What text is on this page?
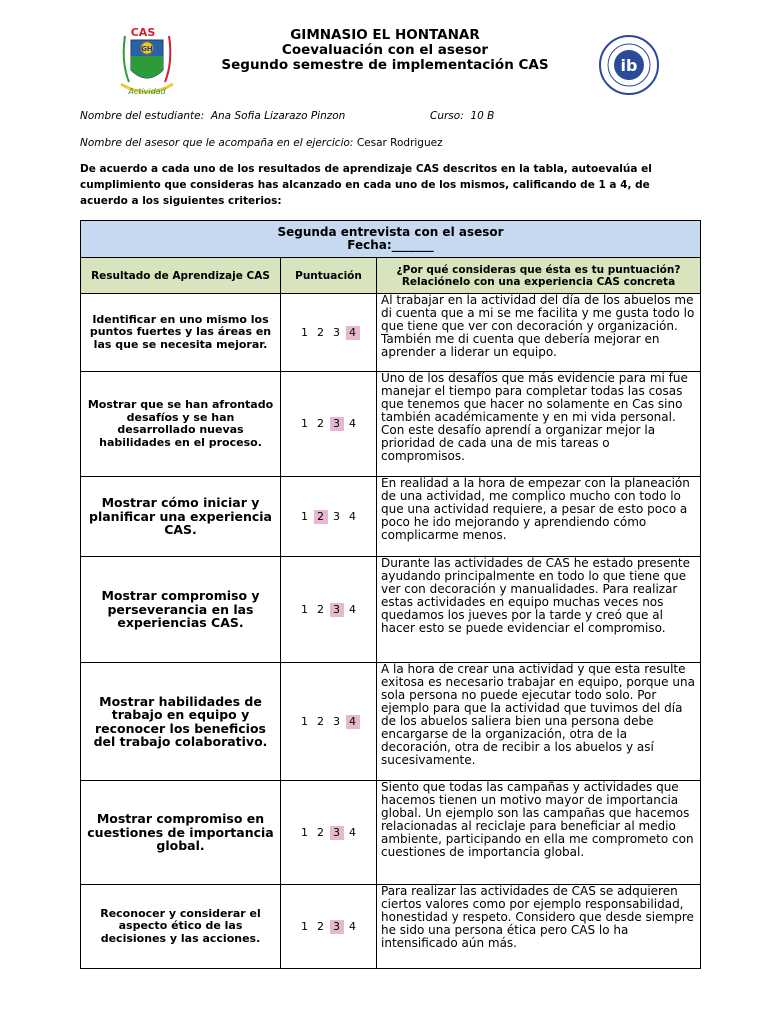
CAS
GH
Actividad
GIMNASIO EL HONTANAR
Coevaluación con el asesor
Segundo semestre de implementación CAS	ib
Nombre del estudiante: Ana Sofia Lizarazo Pinzon	Curso: 10 B
Nombre del asesor que le acompaña en el ejercicio: Cesar Rodriguez
De acuerdo a cada uno de los resultados de aprendizaje CAS descritos en la tabla, autoevalúa el cumplimiento que consideras has alcanzado en cada uno de los mismos, calificando de 1 a 4, de acuerdo a los siguientes criterios:
Segunda entrevista con el asesor
Fecha:_______		

Resultado de Aprendizaje CAS	Puntuación	¿Por qué consideras que ésta es tu puntuación? Relaciónelo con una experiencia CAS concreta
Identificar en uno mismo los puntos fuertes y las áreas en las que se necesita mejorar.	1 2 3 4	Al trabajar en la actividad del día de los abuelos me di cuenta que a mi se me facilita y me gusta todo lo que tiene que ver con decoración y organización. También me di cuenta que debería mejorar en aprender a liderar un equipo.
Mostrar que se han afrontado desafíos y se han desarrollado nuevas habilidades en el proceso.	1 2 3 4	Uno de los desafíos que más evidencie para mi fue manejar el tiempo para completar todas las cosas que tenemos que hacer no solamente en Cas sino también académicamente y en mi vida personal. Con este desafío aprendí a organizar mejor la prioridad de cada una de mis tareas o compromisos.
Mostrar cómo iniciar y planificar una experiencia CAS.	1 2 3 4	En realidad a la hora de empezar con la planeación de una actividad, me complico mucho con todo lo que una actividad requiere, a pesar de esto poco a poco he ido mejorando y aprendiendo cómo complicarme menos.
Mostrar compromiso y perseverancia en las experiencias CAS.	1 2 3 4	Durante las actividades de CAS he estado presente ayudando principalmente en todo lo que tiene que ver con decoración y manualidades. Para realizar estas actividades en equipo muchas veces nos quedamos los jueves por la tarde y creó que al hacer esto se puede evidenciar el compromiso.
Mostrar habilidades de trabajo en equipo y reconocer los beneficios del trabajo colaborativo.	1 2 3 4	A la hora de crear una actividad y que esta resulte exitosa es necesario trabajar en equipo, porque una sola persona no puede ejecutar todo solo. Por ejemplo para que la actividad que tuvimos del día de los abuelos saliera bien una persona debe encargarse de la organización, otra de la decoración, otra de recibir a los abuelos y así sucesivamente.
Mostrar compromiso en cuestiones de importancia global.	1 2 3 4	Siento que todas las campañas y actividades que hacemos tienen un motivo mayor de importancia global. Un ejemplo son las campañas que hacemos relacionadas al reciclaje para beneficiar al medio ambiente, participando en ella me comprometo con cuestiones de importancia global.
Reconocer y considerar el aspecto ético de las decisiones y las acciones.	1 2 3 4	Para realizar las actividades de CAS se adquieren ciertos valores como por ejemplo responsabilidad, honestidad y respeto. Considero que desde siempre he sido una persona ética pero CAS lo ha intensificado aún más.
